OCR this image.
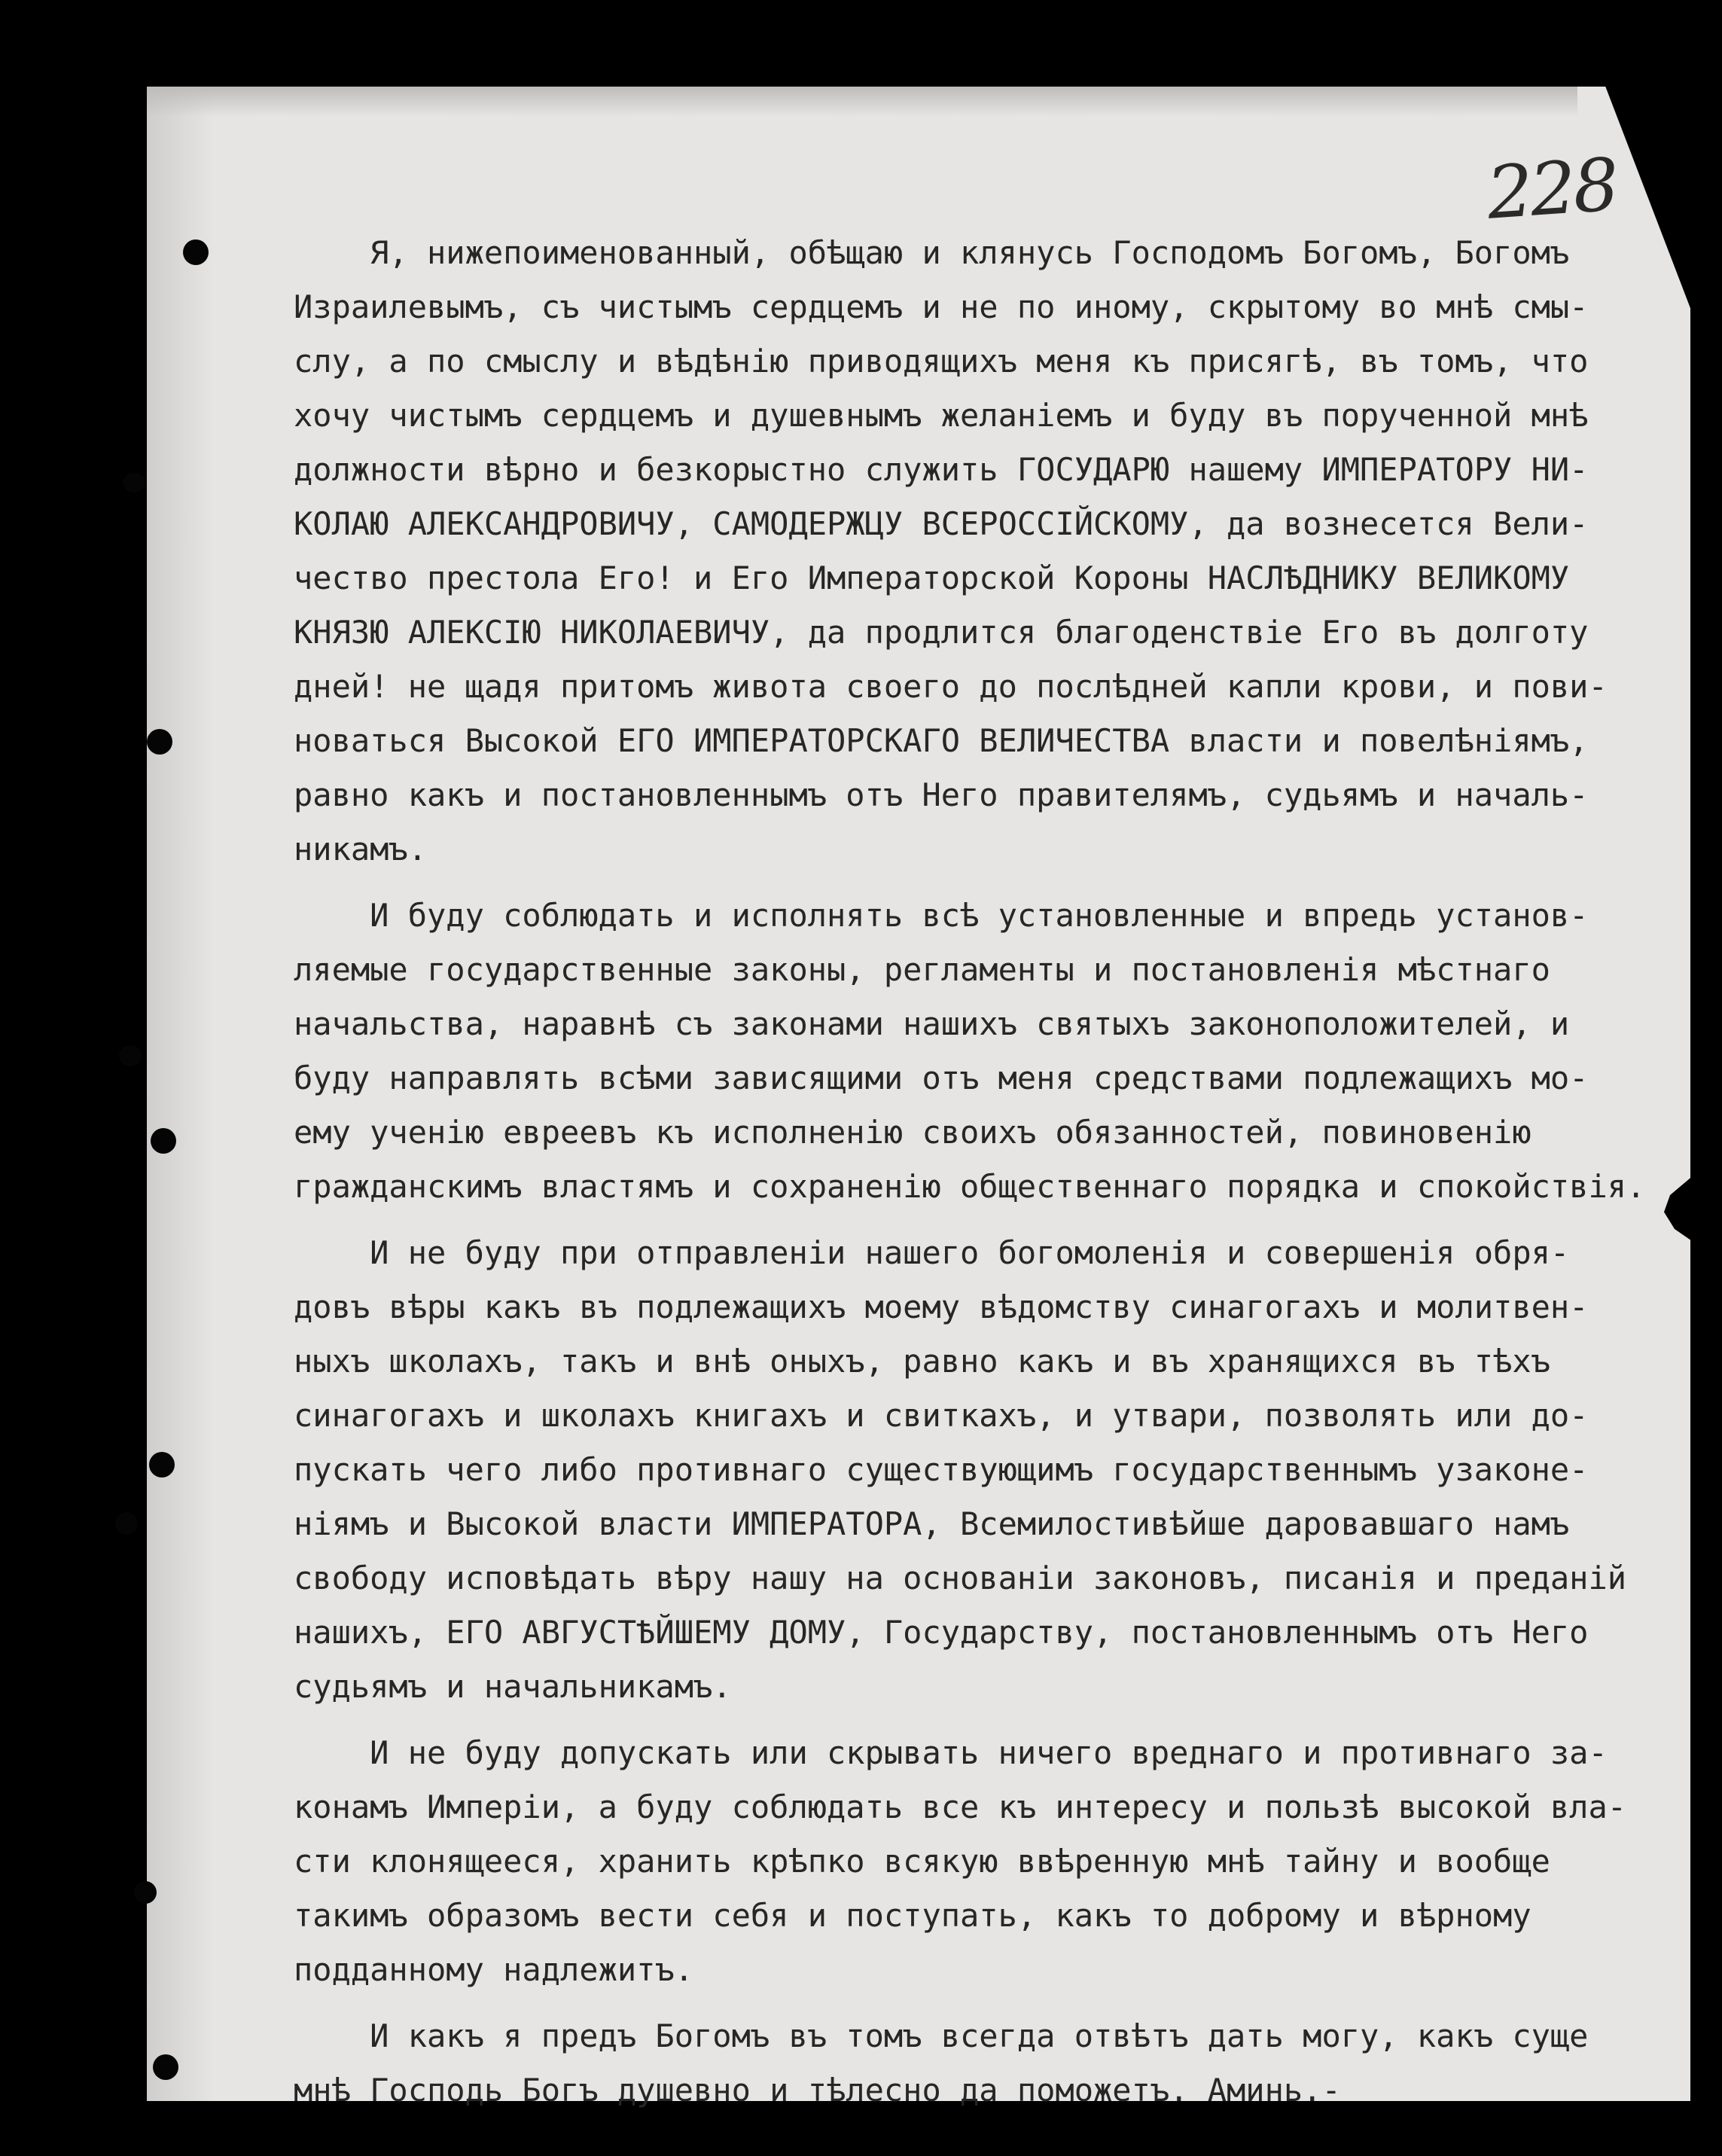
228
Я, нижепоименованный, обѣщаю и клянусь Господомъ Богомъ, Богомъ
Израилевымъ, съ чистымъ сердцемъ и не по иному, скрытому во мнѣ смы-
слу, а по смыслу и вѣдѣнію приводящихъ меня къ присягѣ, въ томъ, что
хочу чистымъ сердцемъ и душевнымъ желаніемъ и буду въ порученной мнѣ
должности вѣрно и безкорыстно служить ГОСУДАРЮ нашему ИМПЕРАТОРУ НИ-
КОЛАЮ АЛЕКСАНДРОВИЧУ, САМОДЕРЖЦУ ВСЕРОССІЙСКОМУ, да вознесется Вели-
чество престола Его! и Его Императорской Короны НАСЛѢДНИКУ ВЕЛИКОМУ
КНЯЗЮ АЛЕКСІЮ НИКОЛАЕВИЧУ, да продлится благоденствіе Его въ долготу
дней! не щадя притомъ живота своего до послѣдней капли крови, и пови-
новаться Высокой ЕГО ИМПЕРАТОРСКАГО ВЕЛИЧЕСТВА власти и повелѣніямъ,
равно какъ и постановленнымъ отъ Него правителямъ, судьямъ и началь-
никамъ.
И буду соблюдать и исполнять всѣ установленные и впредь установ-
ляемые государственные законы, регламенты и постановленія мѣстнаго
начальства, наравнѣ съ законами нашихъ святыхъ законоположителей, и
буду направлять всѣми зависящими отъ меня средствами подлежащихъ мо-
ему ученію евреевъ къ исполненію своихъ обязанностей, повиновенію
гражданскимъ властямъ и сохраненію общественнаго порядка и спокойствія.
И не буду при отправленіи нашего богомоленія и совершенія обря-
довъ вѣры какъ въ подлежащихъ моему вѣдомству синагогахъ и молитвен-
ныхъ школахъ, такъ и внѣ оныхъ, равно какъ и въ хранящихся въ тѣхъ
синагогахъ и школахъ книгахъ и свиткахъ, и утвари, позволять или до-
пускать чего либо противнаго существующимъ государственнымъ узаконе-
ніямъ и Высокой власти ИМПЕРАТОРА, Всемилостивѣйше даровавшаго намъ
свободу исповѣдать вѣру нашу на основаніи законовъ, писанія и преданій
нашихъ, ЕГО АВГУСТѢЙШЕМУ ДОМУ, Государству, постановленнымъ отъ Него
судьямъ и начальникамъ.
И не буду допускать или скрывать ничего вреднаго и противнаго за-
конамъ Имперіи, а буду соблюдать все къ интересу и пользѣ высокой вла-
сти клонящееся, хранить крѣпко всякую ввѣренную мнѣ тайну и вообще
такимъ образомъ вести себя и поступать, какъ то доброму и вѣрному
подданному надлежитъ.
И какъ я предъ Богомъ въ томъ всегда отвѣтъ дать могу, какъ суще
мнѣ Господь Богъ душевно и тѣлесно да поможетъ. Аминь.-
